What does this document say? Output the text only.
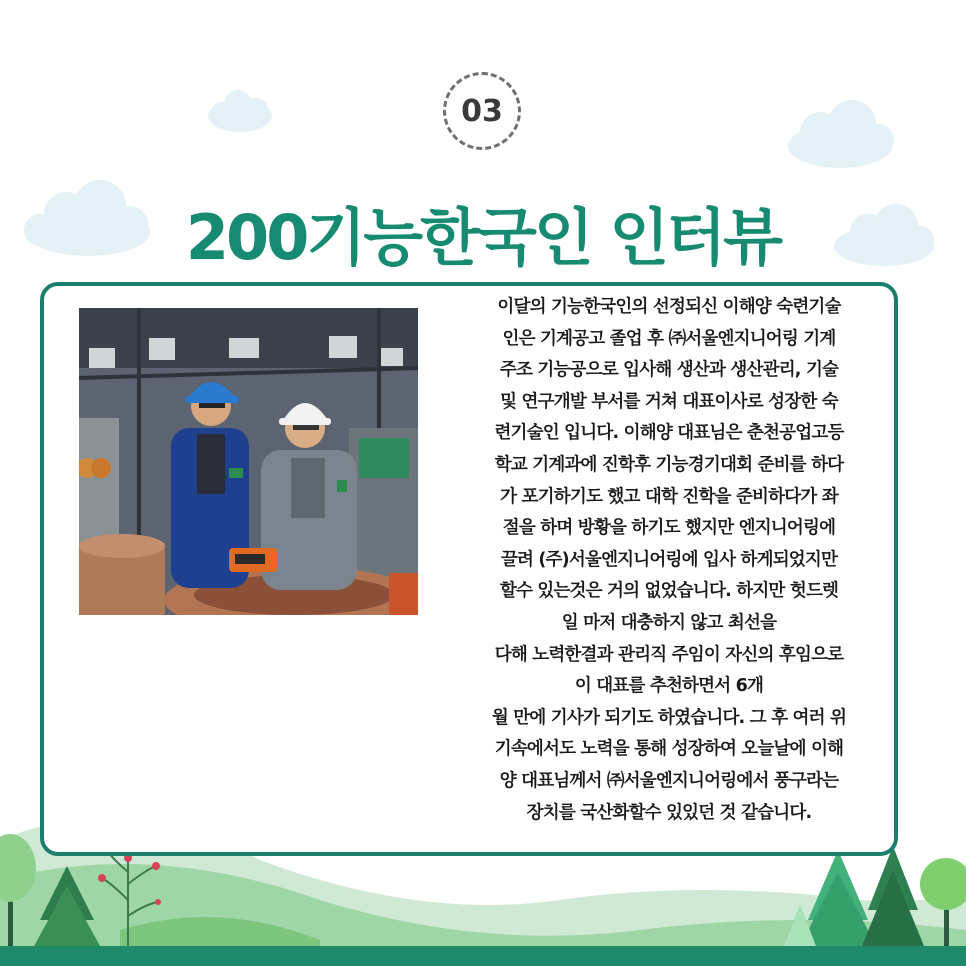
03
200기능한국인 인터뷰
이달의 기능한국인의 선정되신 이해양 숙련기술
인은 기계공고 졸업 후 ㈜서울엔지니어링 기계
주조 기능공으로 입사해 생산과 생산관리, 기술
및 연구개발 부서를 거쳐 대표이사로 성장한 숙
련기술인 입니다. 이해양 대표님은 춘천공업고등
학교 기계과에 진학후 기능경기대회 준비를 하다
가 포기하기도 했고 대학 진학을 준비하다가 좌
절을 하며 방황을 하기도 했지만 엔지니어링에
끌려 (주)서울엔지니어링에 입사 하게되었지만
할수 있는것은 거의 없었습니다. 하지만 헛드렛
일 마저 대충하지 않고 최선을
다해 노력한결과 관리직 주임이 자신의 후임으로
이 대표를 추천하면서 6개
월 만에 기사가 되기도 하였습니다. 그 후 여러 위
기속에서도 노력을 통해 성장하여 오늘날에 이해
양 대표님께서 ㈜서울엔지니어링에서 풍구라는
장치를 국산화할수 있있던 것 같습니다.
